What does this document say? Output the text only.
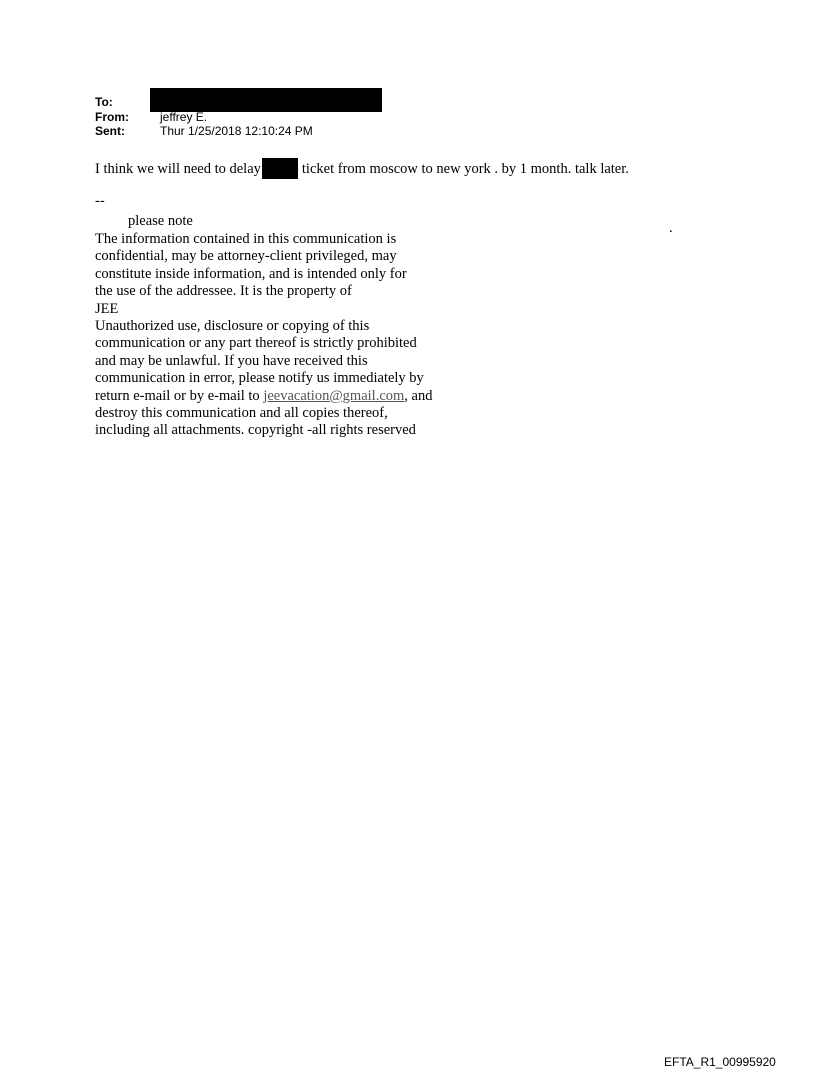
To:
From:	jeffrey E.
Sent:	Thur 1/25/2018 12:10:24 PM
I think we will need to delay	ticket from moscow to new york . by 1 month. talk later.
--
please note	.
The information contained in this communication is
confidential, may be attorney-client privileged, may
constitute inside information, and is intended only for
the use of the addressee. It is the property of
JEE
Unauthorized use, disclosure or copying of this
communication or any part thereof is strictly prohibited
and may be unlawful. If you have received this
communication in error, please notify us immediately by
return e-mail or by e-mail to jeevacation@gmail.com, and
destroy this communication and all copies thereof,
including all attachments. copyright -all rights reserved
EFTA_R1_00995920
